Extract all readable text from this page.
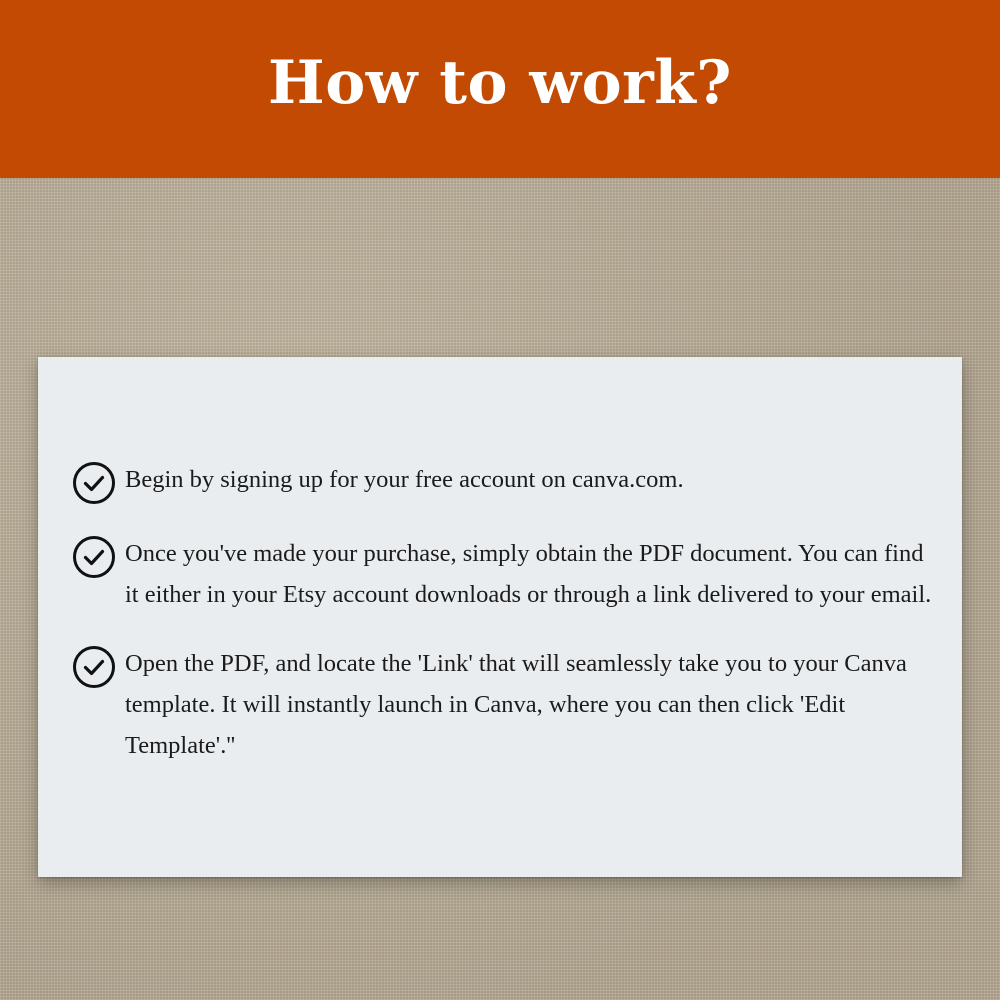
How to work?

Begin by signing up for your free account on canva.com.

Once you've made your purchase, simply obtain the PDF document. You can find it either in your Etsy account downloads or through a link delivered to your email.

Open the PDF, and locate the 'Link' that will seamlessly take you to your Canva template. It will instantly launch in Canva, where you can then click 'Edit Template'.''
